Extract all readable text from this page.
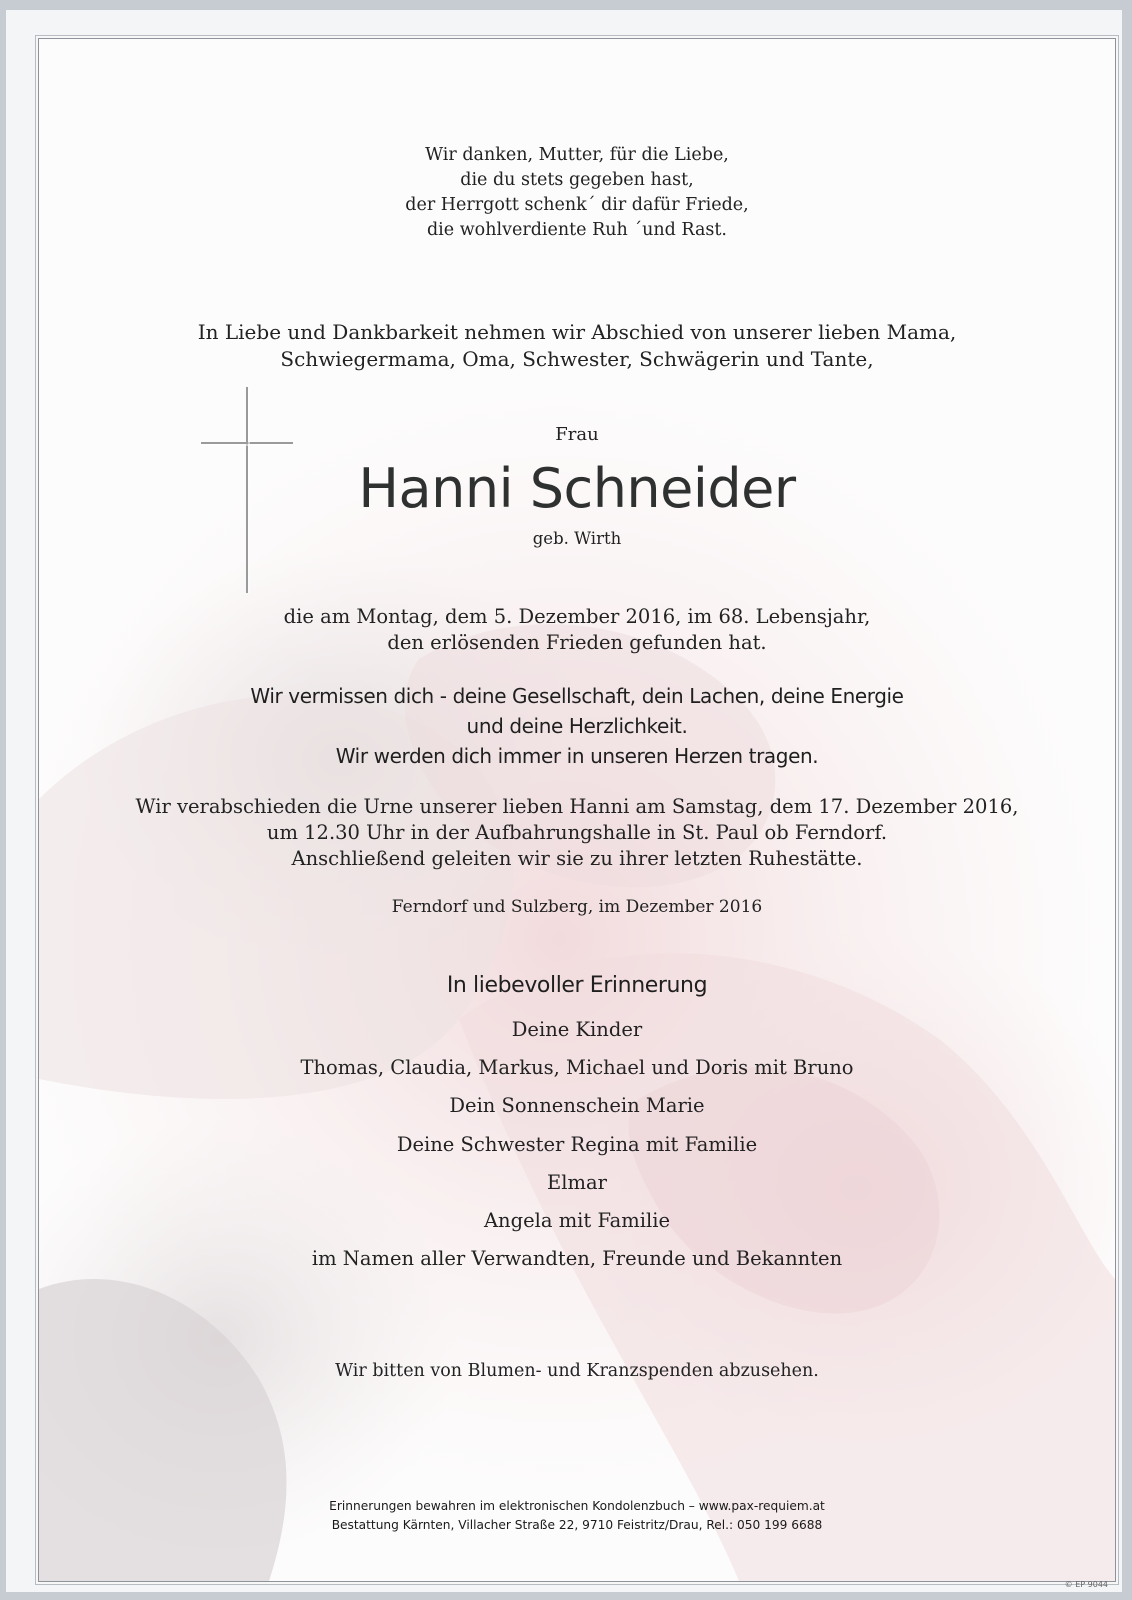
Wir danken, Mutter, für die Liebe,
die du stets gegeben hast,
der Herrgott schenk´ dir dafür Friede,
die wohlverdiente Ruh ´und Rast.
In Liebe und Dankbarkeit nehmen wir Abschied von unserer lieben Mama,
Schwiegermama, Oma, Schwester, Schwägerin und Tante,
Frau
Hanni Schneider
geb. Wirth
die am Montag, dem 5. Dezember 2016, im 68. Lebensjahr,
den erlösenden Frieden gefunden hat.
Wir vermissen dich - deine Gesellschaft, dein Lachen, deine Energie
und deine Herzlichkeit.
Wir werden dich immer in unseren Herzen tragen.
Wir verabschieden die Urne unserer lieben Hanni am Samstag, dem 17. Dezember 2016,
um 12.30 Uhr in der Aufbahrungshalle in St. Paul ob Ferndorf.
Anschließend geleiten wir sie zu ihrer letzten Ruhestätte.
Ferndorf und Sulzberg, im Dezember 2016
In liebevoller Erinnerung
Deine Kinder
Thomas, Claudia, Markus, Michael und Doris mit Bruno
Dein Sonnenschein Marie
Deine Schwester Regina mit Familie
Elmar
Angela mit Familie
im Namen aller Verwandten, Freunde und Bekannten
Wir bitten von Blumen- und Kranzspenden abzusehen.
Erinnerungen bewahren im elektronischen Kondolenzbuch – www.pax-requiem.at
Bestattung Kärnten, Villacher Straße 22, 9710 Feistritz/Drau, Rel.: 050 199 6688
© EP 9044
